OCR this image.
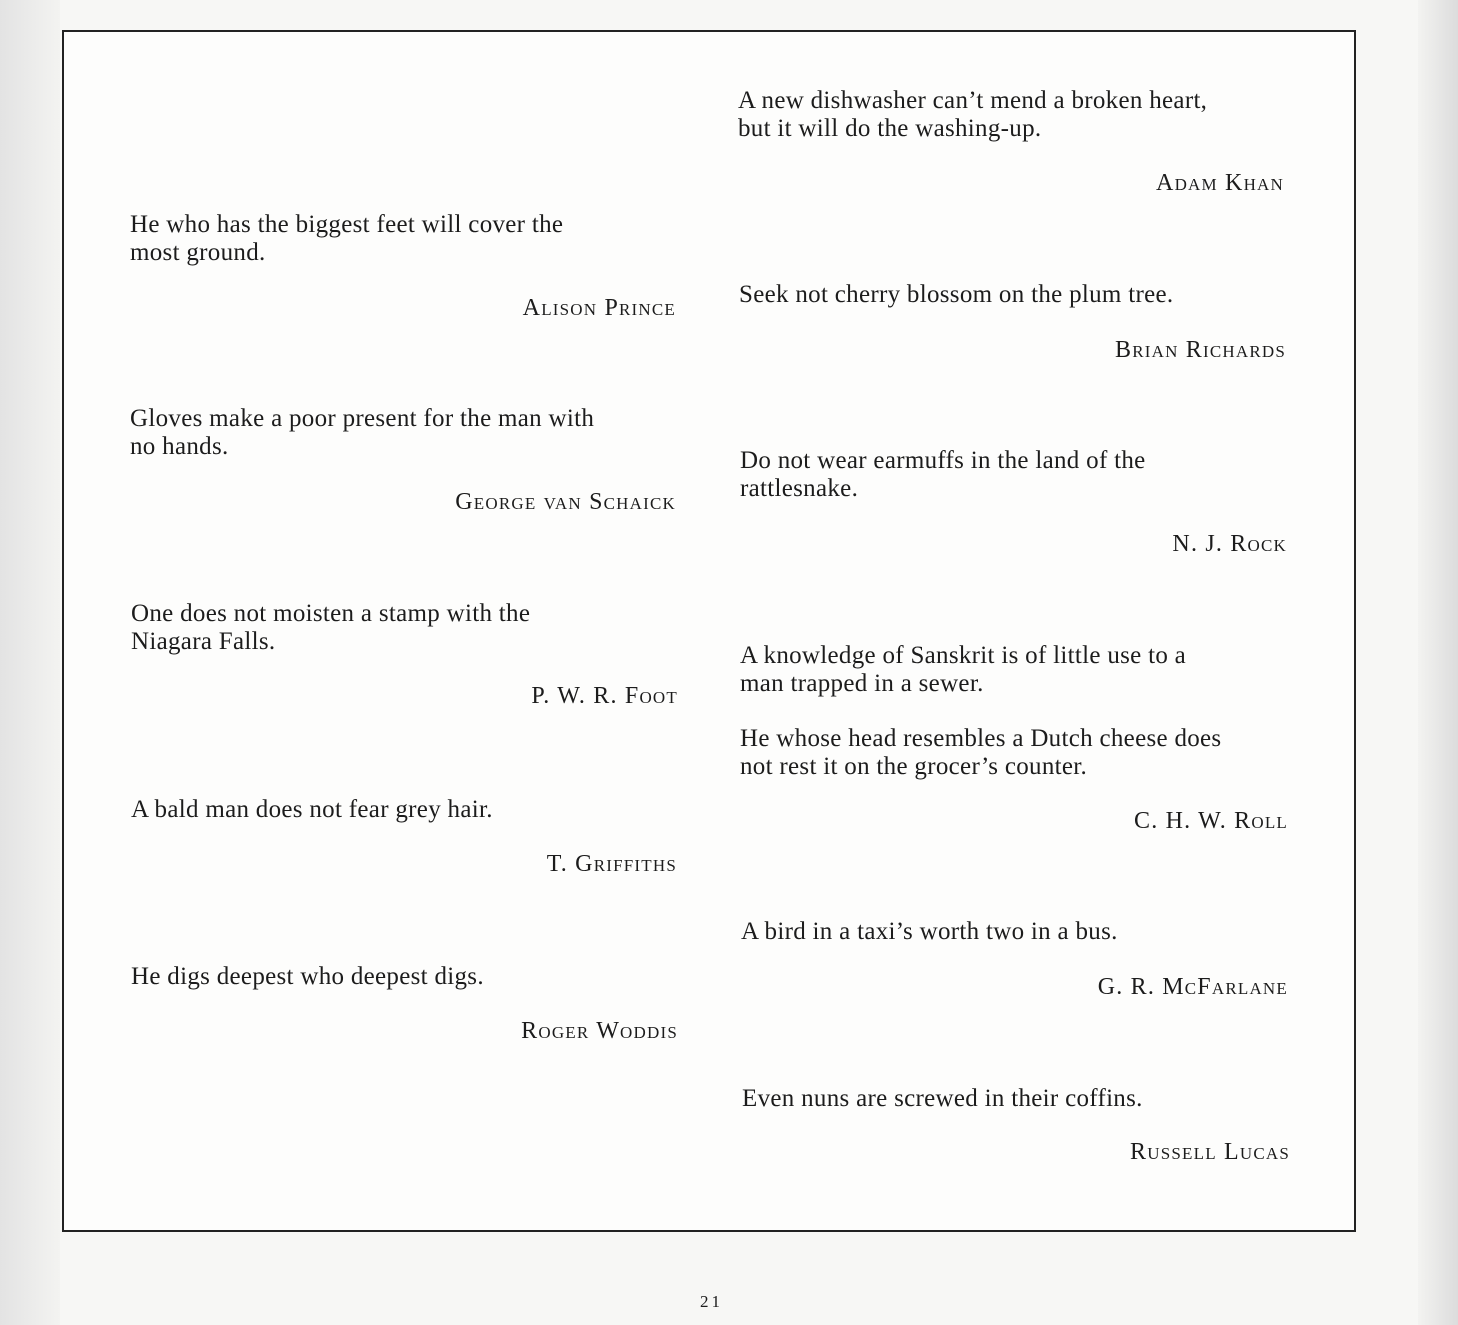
He who has the biggest feet will cover the
most ground.

Alison Prince

Gloves make a poor present for the man with
no hands.

George van Schaick

One does not moisten a stamp with the
Niagara Falls.

P. W. R. Foot

A bald man does not fear grey hair.

T. Griffiths

He digs deepest who deepest digs.

Roger Woddis

A new dishwasher can’t mend a broken heart,
but it will do the washing-up.

Adam Khan

Seek not cherry blossom on the plum tree.

Brian Richards

Do not wear earmuffs in the land of the
rattlesnake.

N. J. Rock

A knowledge of Sanskrit is of little use to a
man trapped in a sewer.

He whose head resembles a Dutch cheese does
not rest it on the grocer’s counter.

C. H. W. Roll

A bird in a taxi’s worth two in a bus.

G. R. McFarlane

Even nuns are screwed in their coffins.

Russell Lucas
21
